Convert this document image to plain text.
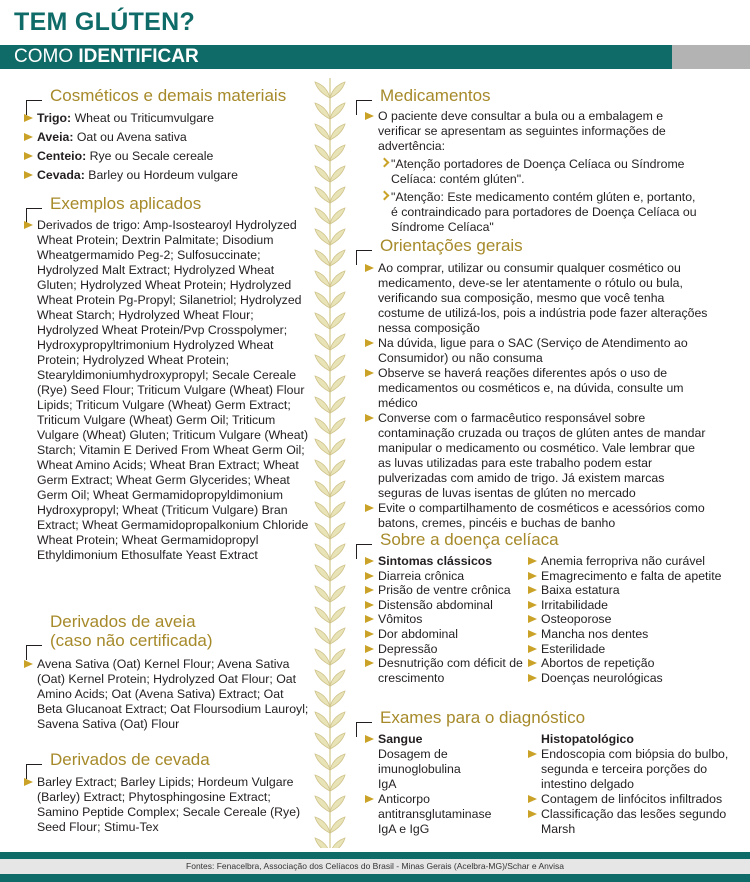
TEM GLÚTEN?
COMO IDENTIFICAR
Cosméticos e demais materiais
Trigo: Wheat ou Triticumvulgare
Aveia: Oat ou Avena sativa
Centeio: Rye ou Secale cereale
Cevada: Barley ou Hordeum vulgare
Exemplos aplicados
Derivados de trigo: Amp-Isostearoyl Hydrolyzed Wheat Protein; Dextrin Palmitate; Disodium Wheatgermamido Peg-2; Sulfosuccinate; Hydrolyzed Malt Extract; Hydrolyzed Wheat Gluten; Hydrolyzed Wheat Protein; Hydrolyzed Wheat Protein Pg-Propyl; Silanetriol; Hydrolyzed Wheat Starch; Hydrolyzed Wheat Flour; Hydrolyzed Wheat Protein/Pvp Crosspolymer; Hydroxypropyltrimonium Hydrolyzed Wheat Protein; Hydrolyzed Wheat Protein; Stearyldimoniumhydroxypropyl; Secale Cereale (Rye) Seed Flour; Triticum Vulgare (Wheat) Flour Lipids; Triticum Vulgare (Wheat) Germ Extract; Triticum Vulgare (Wheat) Germ Oil; Triticum Vulgare (Wheat) Gluten; Triticum Vulgare (Wheat) Starch; Vitamin E Derived From Wheat Germ Oil; Wheat Amino Acids; Wheat Bran Extract; Wheat Germ Extract; Wheat Germ Glycerides; Wheat Germ Oil; Wheat Germamidopropyldimonium Hydroxypropyl; Wheat (Triticum Vulgare) Bran Extract; Wheat Germamidopropalkonium Chloride Wheat Protein; Wheat Germamidopropyl Ethyldimonium Ethosulfate Yeast Extract
Derivados de aveia
(caso não certificada)
Avena Sativa (Oat) Kernel Flour; Avena Sativa (Oat) Kernel Protein; Hydrolyzed Oat Flour; Oat Amino Acids; Oat (Avena Sativa) Extract; Oat Beta Glucanoat Extract; Oat Floursodium Lauroyl; Savena Sativa (Oat) Flour
Derivados de cevada
Barley Extract; Barley Lipids; Hordeum Vulgare (Barley) Extract; Phytosphingosine Extract; Samino Peptide Complex; Secale Cereale (Rye) Seed Flour; Stimu-Tex
Medicamentos
O paciente deve consultar a bula ou a embalagem e verificar se apresentam as seguintes informações de advertência:
"Atenção portadores de Doença Celíaca ou Síndrome Celíaca: contém glúten".
"Atenção: Este medicamento contém glúten e, portanto, é contraindicado para portadores de Doença Celíaca ou Síndrome Celíaca"
Orientações gerais
Ao comprar, utilizar ou consumir qualquer cosmético ou medicamento, deve-se ler atentamente o rótulo ou bula, verificando sua composição, mesmo que você tenha costume de utilizá-los, pois a indústria pode fazer alterações nessa composição
Na dúvida, ligue para o SAC (Serviço de Atendimento ao Consumidor) ou não consuma
Observe se haverá reações diferentes após o uso de medicamentos ou cosméticos e, na dúvida, consulte um médico
Converse com o farmacêutico responsável sobre contaminação cruzada ou traços de glúten antes de mandar manipular o medicamento ou cosmético. Vale lembrar que as luvas utilizadas para este trabalho podem estar pulverizadas com amido de trigo. Já existem marcas seguras de luvas isentas de glúten no mercado
Evite o compartilhamento de cosméticos e acessórios como batons, cremes, pincéis e buchas de banho
Sobre a doença celíaca
Sintomas clássicos
Diarreia crônica
Prisão de ventre crônica
Distensão abdominal
Vômitos
Dor abdominal
Depressão
Desnutrição com déficit de crescimento
Anemia ferropriva não curável
Emagrecimento e falta de apetite
Baixa estatura
Irritabilidade
Osteoporose
Mancha nos dentes
Esterilidade
Abortos de repetição
Doenças neurológicas
Exames para o diagnóstico
Sangue
Dosagem de imunoglobulina IgA
Anticorpo antitransglutaminase IgA e IgG
Histopatológico
Endoscopia com biópsia do bulbo, segunda e terceira porções do intestino delgado
Contagem de linfócitos infiltrados
Classificação das lesões segundo Marsh
Fontes: Fenacelbra, Associação dos Celíacos do Brasil - Minas Gerais (Acelbra-MG)/Schar e Anvisa
